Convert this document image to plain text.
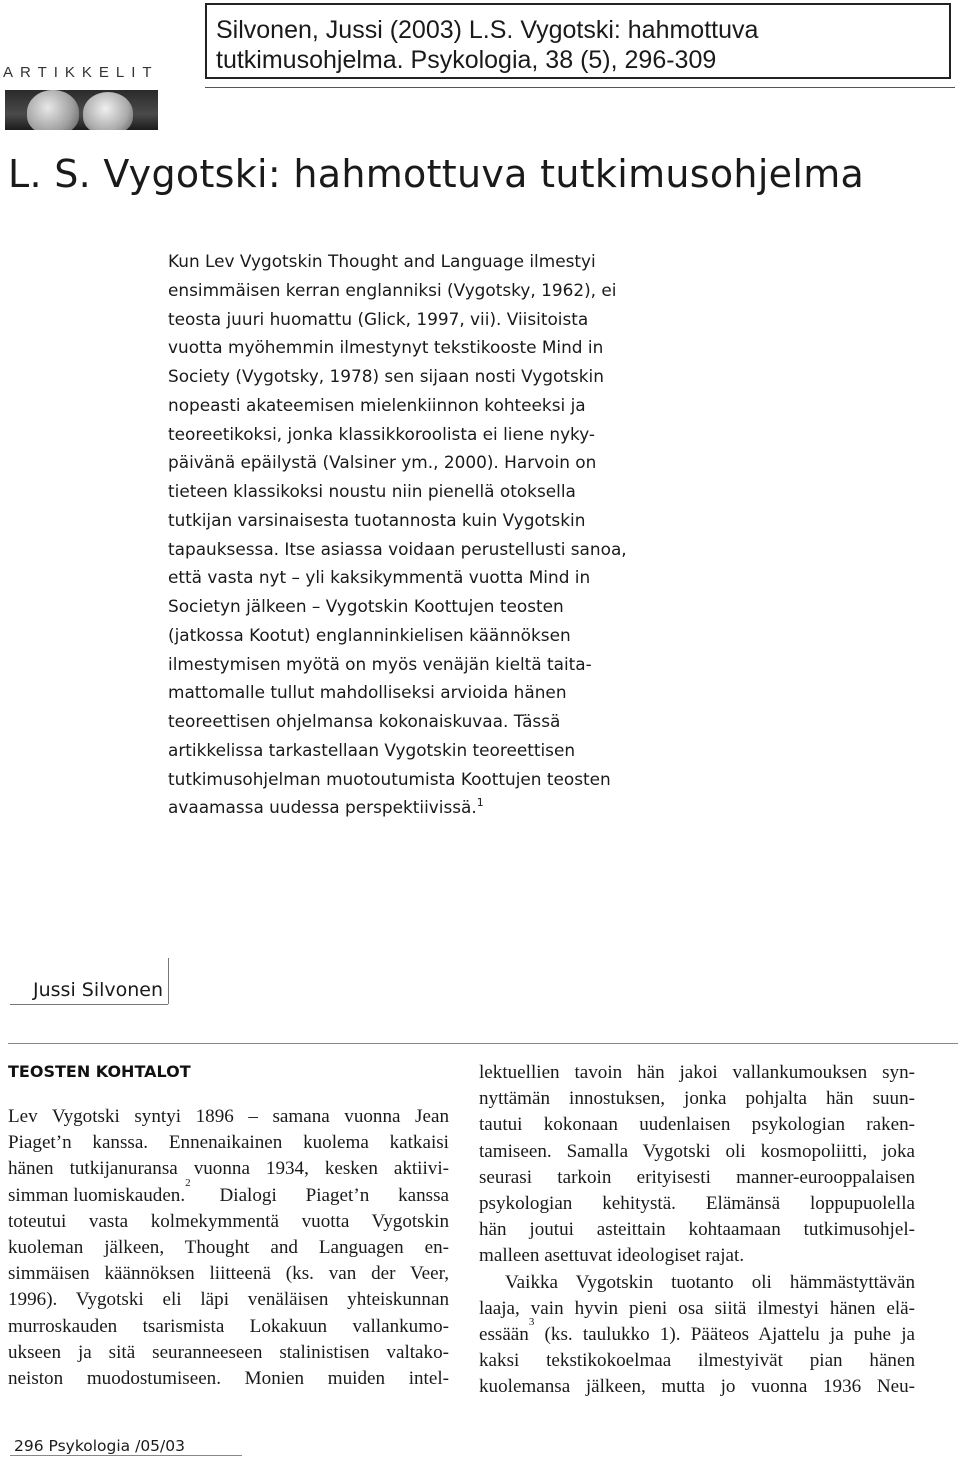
Silvonen, Jussi (2003) L.S. Vygotski: hahmottuva
tutkimusohjelma. Psykologia, 38 (5), 296-309
ARTIKKELIT
L. S. Vygotski: hahmottuva tutkimusohjelma
Kun Lev Vygotskin Thought and Language ilmestyi
ensimmäisen kerran englanniksi (Vygotsky, 1962), ei
teosta juuri huomattu (Glick, 1997, vii). Viisitoista
vuotta myöhemmin ilmestynyt tekstikooste Mind in
Society (Vygotsky, 1978) sen sijaan nosti Vygotskin
nopeasti akateemisen mielenkiinnon kohteeksi ja
teoreetikoksi, jonka klassikkoroolista ei liene nyky-
päivänä epäilystä (Valsiner ym., 2000). Harvoin on
tieteen klassikoksi noustu niin pienellä otoksella
tutkijan varsinaisesta tuotannosta kuin Vygotskin
tapauksessa. Itse asiassa voidaan perustellusti sanoa,
että vasta nyt – yli kaksikymmentä vuotta Mind in
Societyn jälkeen – Vygotskin Koottujen teosten
(jatkossa Kootut) englanninkielisen käännöksen
ilmestymisen myötä on myös venäjän kieltä taita-
mattomalle tullut mahdolliseksi arvioida hänen
teoreettisen ohjelmansa kokonaiskuvaa. Tässä
artikkelissa tarkastellaan Vygotskin teoreettisen
tutkimusohjelman muotoutumista Koottujen teosten
avaamassa uudessa perspektiivissä.$^1$
Jussi Silvonen
TEOSTEN KOHTALOT
Lev Vygotski syntyi 1896 – samana vuonna Jean
Piaget’n kanssa. Ennenaikainen kuolema katkaisi
hänen tutkijanuransa vuonna 1934, kesken aktiivi-
simman luomiskauden.
2
Dialogi Piaget’n kanssa
toteutui vasta kolmekymmentä vuotta Vygotskin
kuoleman jälkeen, Thought and Languagen en-
simmäisen käännöksen liitteenä (ks. van der Veer,
1996). Vygotski eli läpi venäläisen yhteiskunnan
murroskauden tsarismista Lokakuun vallankumo-
ukseen ja sitä seuranneeseen stalinistisen valtako-
neiston muodostumiseen. Monien muiden intel-
lektuellien tavoin hän jakoi vallankumouksen syn-
nyttämän innostuksen, jonka pohjalta hän suun-
tautui kokonaan uudenlaisen psykologian raken-
tamiseen. Samalla Vygotski oli kosmopoliitti, joka
seurasi tarkoin erityisesti manner-eurooppalaisen
psykologian kehitystä. Elämänsä loppupuolella
hän joutui asteittain kohtaamaan tutkimusohjel-
malleen asettuvat ideologiset rajat.
Vaikka Vygotskin tuotanto oli hämmästyttävän
laaja, vain hyvin pieni osa siitä ilmestyi hänen elä-
essään
3
(ks. taulukko 1). Pääteos Ajattelu ja puhe ja
kaksi tekstikokoelmaa ilmestyivät pian hänen
kuolemansa jälkeen, mutta jo vuonna 1936 Neu-
296 Psykologia /05/03
